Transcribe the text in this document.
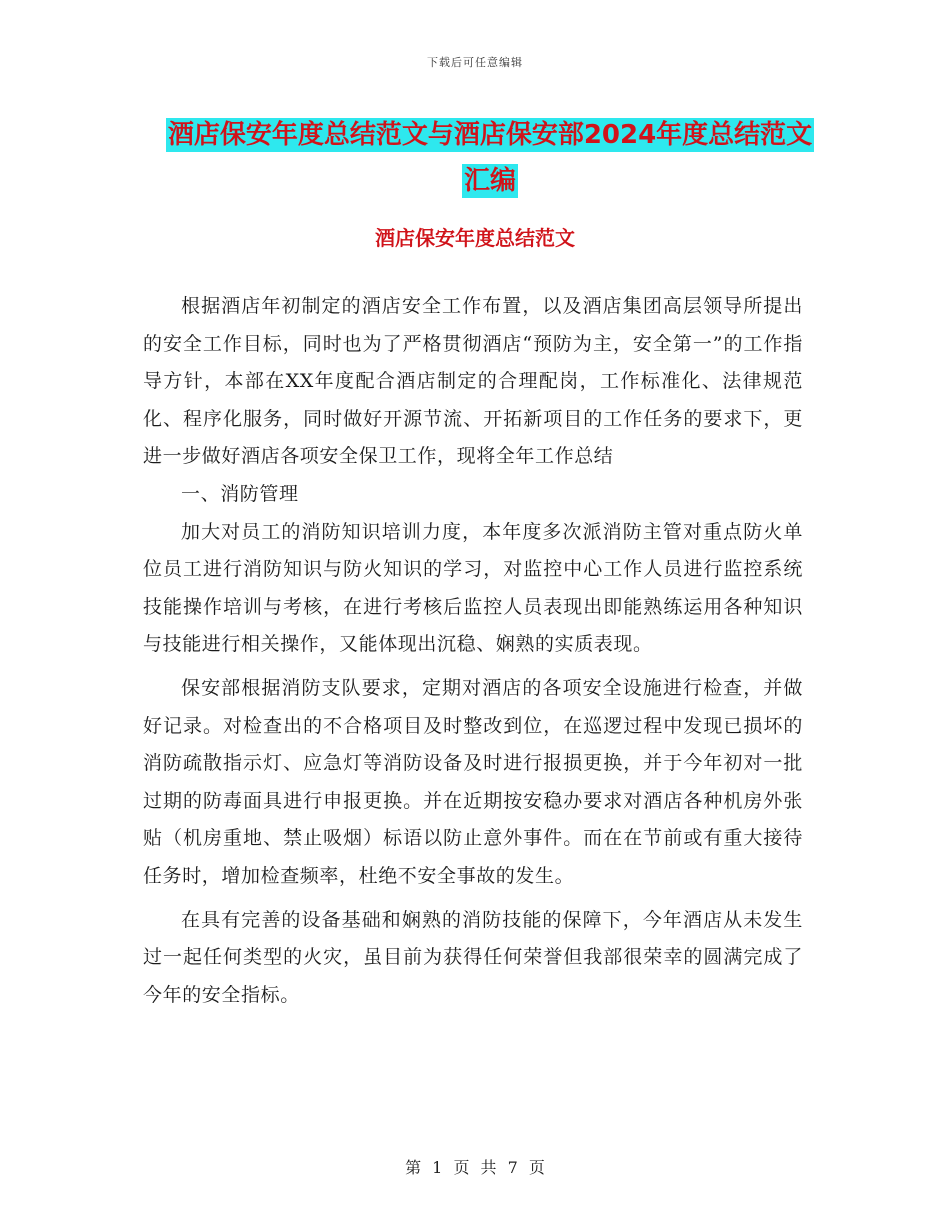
下载后可任意编辑
酒店保安年度总结范文与酒店保安部2024年度总结范文汇编
酒店保安年度总结范文

根据酒店年初制定的酒店安全工作布置，以及酒店集团高层领导所提出的安全工作目标，同时也为了严格贯彻酒店“预防为主，安全第一”的工作指导方针，本部在XX年度配合酒店制定的合理配岗，工作标准化、法律规范化、程序化服务，同时做好开源节流、开拓新项目的工作任务的要求下，更进一步做好酒店各项安全保卫工作，现将全年工作总结

一、消防管理

加大对员工的消防知识培训力度，本年度多次派消防主管对重点防火单位员工进行消防知识与防火知识的学习，对监控中心工作人员进行监控系统技能操作培训与考核，在进行考核后监控人员表现出即能熟练运用各种知识与技能进行相关操作，又能体现出沉稳、娴熟的实质表现。

保安部根据消防支队要求，定期对酒店的各项安全设施进行检查，并做好记录。对检查出的不合格项目及时整改到位，在巡逻过程中发现已损坏的消防疏散指示灯、应急灯等消防设备及时进行报损更换，并于今年初对一批过期的防毒面具进行申报更换。并在近期按安稳办要求对酒店各种机房外张贴（机房重地、禁止吸烟）标语以防止意外事件。而在在节前或有重大接待任务时，增加检查频率，杜绝不安全事故的发生。

在具有完善的设备基础和娴熟的消防技能的保障下，今年酒店从未发生过一起任何类型的火灾，虽目前为获得任何荣誉但我部很荣幸的圆满完成了今年的安全指标。

第 1 页 共 7 页
